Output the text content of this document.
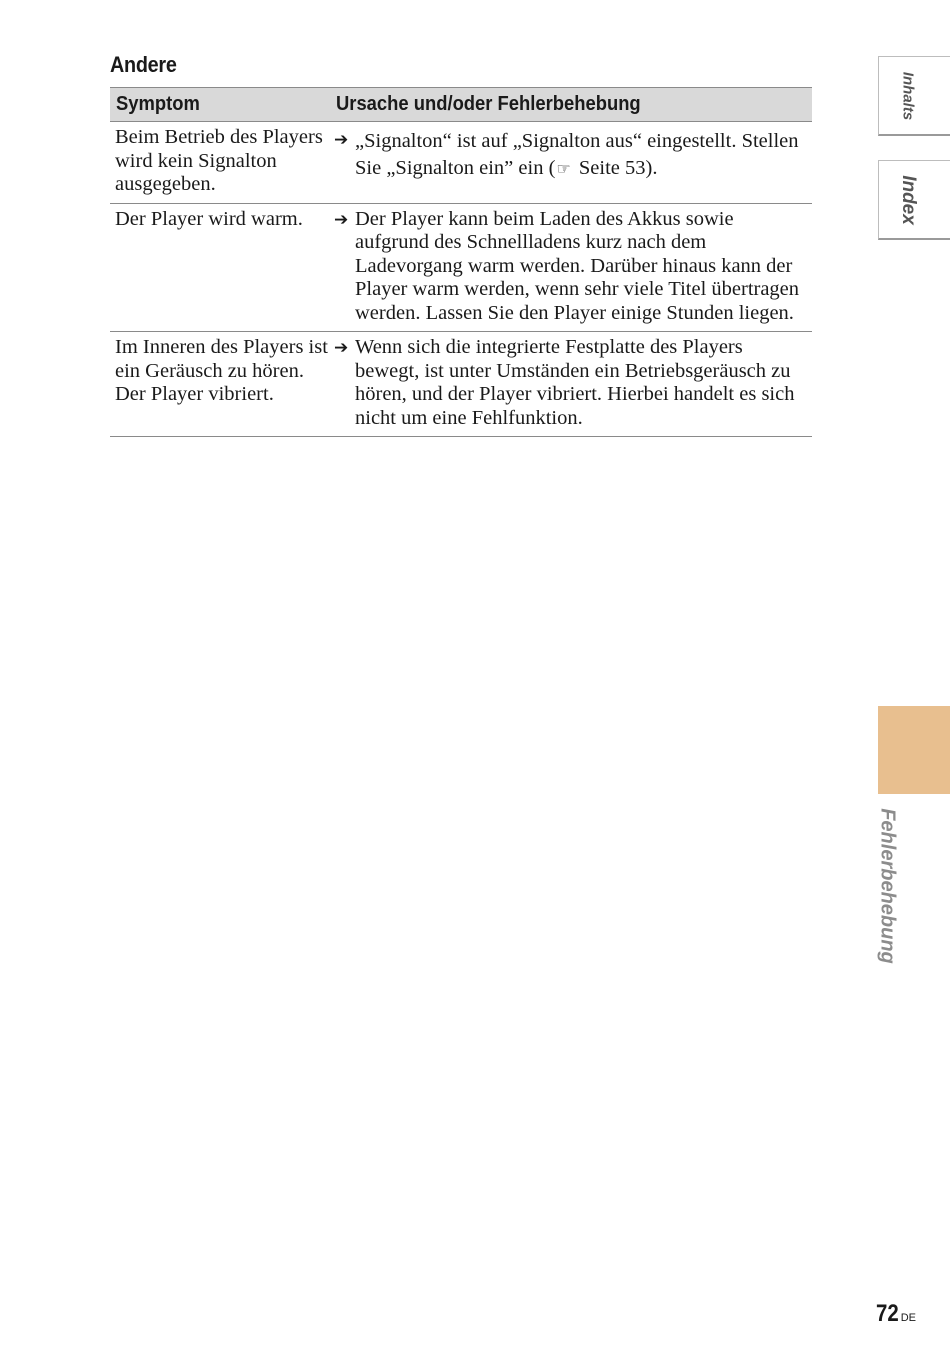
Andere
Symptom	Ursache und/oder Fehlerbehebung
Beim Betrieb des Players wird kein Signalton ausgegeben.	➔ „Signalton“ ist auf „Signalton aus“ eingestellt. Stellen Sie „Signalton ein” ein (☞ Seite 53).

Der Player wird warm.	➔ Der Player kann beim Laden des Akkus sowie aufgrund des Schnellladens kurz nach dem Ladevorgang warm werden. Darüber hinaus kann der Player warm werden, wenn sehr viele Titel übertragen werden. Lassen Sie den Player einige Stunden liegen.

Im Inneren des Players ist ein Geräusch zu hören. Der Player vibriert.	➔ Wenn sich die integrierte Festplatte des Players bewegt, ist unter Umständen ein Betriebsgeräusch zu hören, und der Player vibriert. Hierbei handelt es sich nicht um eine Fehlfunktion.
Inhalts
Index
Fehlerbehebung
72 DE
